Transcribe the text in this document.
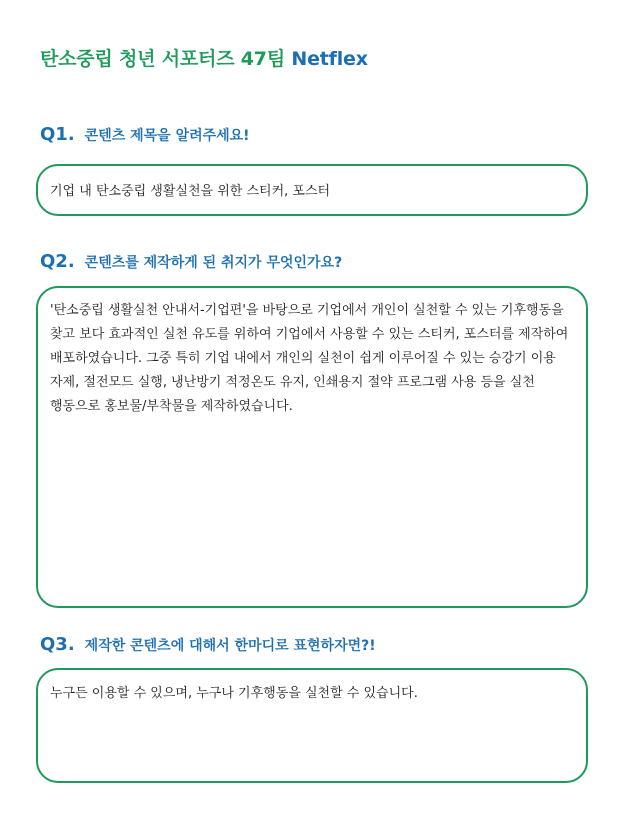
탄소중립 청년 서포터즈 47팀 Netflex
Q1. 콘텐츠 제목을 알려주세요!
기업 내 탄소중립 생활실천을 위한 스티커, 포스터
Q2. 콘텐츠를 제작하게 된 취지가 무엇인가요?
'탄소중립 생활실천 안내서-기업편'을 바탕으로 기업에서 개인이 실천할 수 있는 기후행동을 찾고 보다 효과적인 실천 유도를 위하여 기업에서 사용할 수 있는 스티커, 포스터를 제작하여 배포하였습니다. 그중 특히 기업 내에서 개인의 실천이 쉽게 이루어질 수 있는 승강기 이용 자제, 절전모드 실행, 냉난방기 적정온도 유지, 인쇄용지 절약 프로그램 사용 등을 실천 행동으로 홍보물/부착물을 제작하였습니다.
Q3. 제작한 콘텐츠에 대해서 한마디로 표현하자면?!
누구든 이용할 수 있으며, 누구나 기후행동을 실천할 수 있습니다.
